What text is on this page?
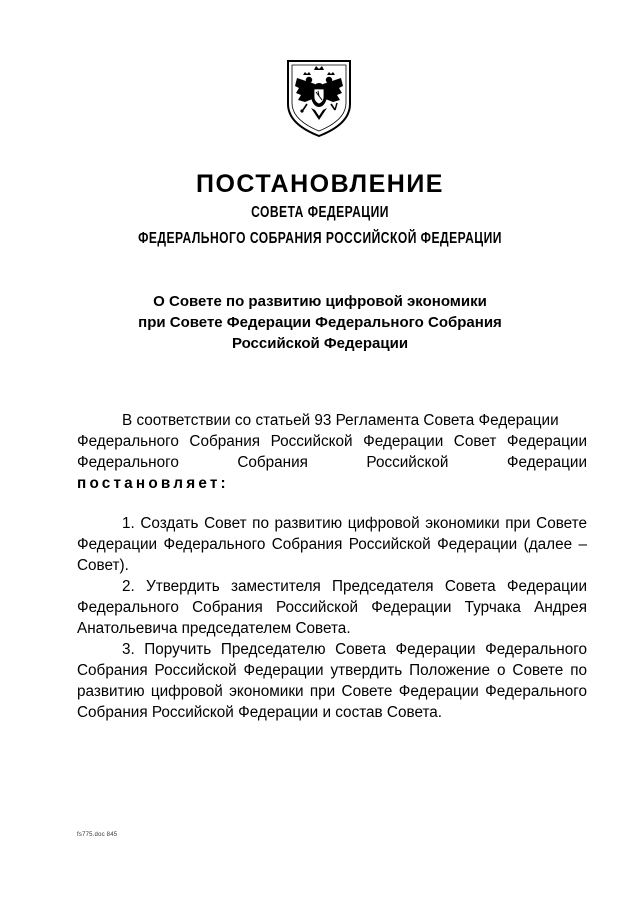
ПОСТАНОВЛЕНИЕ
СОВЕТА ФЕДЕРАЦИИ
ФЕДЕРАЛЬНОГО СОБРАНИЯ РОССИЙСКОЙ ФЕДЕРАЦИИ
О Совете по развитию цифровой экономики
при Совете Федерации Федерального Собрания
Российской Федерации

В соответствии со статьей 93 Регламента Совета Федерации

Федерального Собрания Российской Федерации Совет Федерации Федерального Собрания Российской Федерации

постановляет:

1. Создать Совет по развитию цифровой экономики при Совете Федерации Федерального Собрания Российской Федерации (далее – Совет).

2. Утвердить заместителя Председателя Совета Федерации Федерального Собрания Российской Федерации Турчака Андрея Анатольевича председателем Совета.

3. Поручить Председателю Совета Федерации Федерального Собрания Российской Федерации утвердить Положение о Совете по развитию цифровой экономики при Совете Федерации Федерального Собрания Российской Федерации и состав Совета.

fs775.doc 845
